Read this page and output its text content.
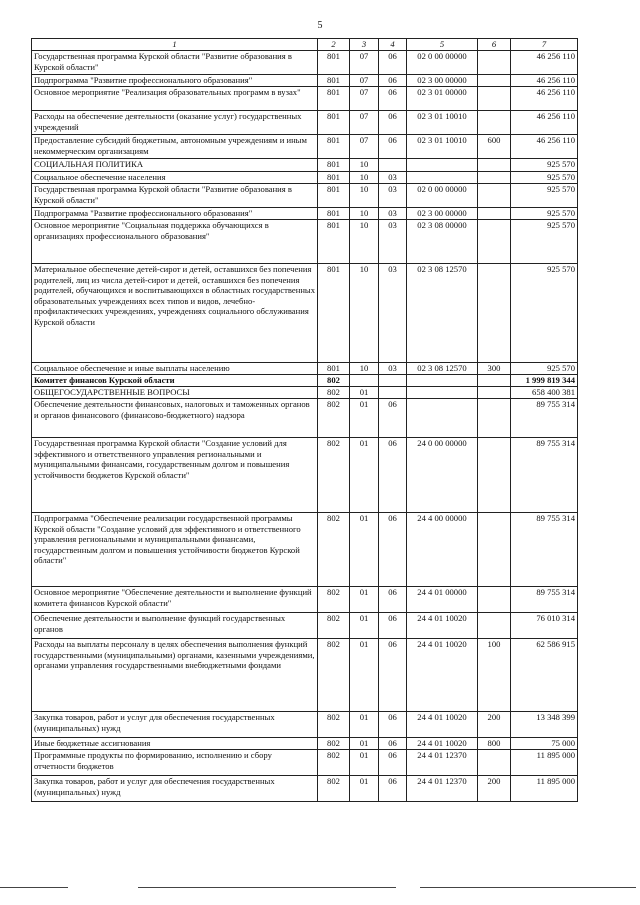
5
1	2	3	4	5	6	7
Государственная программа Курской области "Развитие образования в Курской области"	801	07	06	02 0 00 00000		46 256 110
Подпрограмма "Развитие профессионального образования"	801	07	06	02 3 00 00000		46 256 110
Основное мероприятие "Реализация образовательных программ в вузах"	801	07	06	02 3 01 00000		46 256 110
Расходы на обеспечение деятельности (оказание услуг) государственных учреждений	801	07	06	02 3 01 10010		46 256 110
Предоставление субсидий бюджетным, автономным учреждениям и иным некоммерческим организациям	801	07	06	02 3 01 10010	600	46 256 110
СОЦИАЛЬНАЯ ПОЛИТИКА	801	10				925 570
Социальное обеспечение населения	801	10	03			925 570
Государственная программа Курской области "Развитие образования в Курской области"	801	10	03	02 0 00 00000		925 570
Подпрограмма "Развитие профессионального образования"	801	10	03	02 3 00 00000		925 570
Основное мероприятие "Социальная поддержка обучающихся в организациях профессионального образования"	801	10	03	02 3 08 00000		925 570
Материальное обеспечение детей-сирот и детей, оставшихся без попечения родителей, лиц из числа детей-сирот и детей, оставшихся без попечения родителей, обучающихся и воспитывающихся в областных государственных образовательных учреждениях всех типов и видов, лечебно-профилактических учреждениях, учреждениях социального обслуживания Курской области	801	10	03	02 3 08 12570		925 570
Социальное обеспечение и иные выплаты населению	801	10	03	02 3 08 12570	300	925 570
Комитет финансов Курской области	802					1 999 819 344
ОБЩЕГОСУДАРСТВЕННЫЕ ВОПРОСЫ	802	01				658 400 381
Обеспечение деятельности финансовых, налоговых и таможенных органов и органов финансового (финансово-бюджетного) надзора	802	01	06			89 755 314
Государственная программа Курской области "Создание условий для эффективного и ответственного управления региональными и муниципальными финансами, государственным долгом и повышения устойчивости бюджетов Курской области"	802	01	06	24 0 00 00000		89 755 314
Подпрограмма "Обеспечение реализации государственной программы Курской области "Создание условий для эффективного и ответственного управления региональными и муниципальными финансами, государственным долгом и повышения устойчивости бюджетов Курской области"	802	01	06	24 4 00 00000		89 755 314
Основное мероприятие "Обеспечение деятельности и выполнение функций комитета финансов Курской области"	802	01	06	24 4 01 00000		89 755 314
Обеспечение деятельности и выполнение функций государственных органов	802	01	06	24 4 01 10020		76 010 314
Расходы на выплаты персоналу в целях обеспечения выполнения функций государственными (муниципальными) органами, казенными учреждениями, органами управления государственными внебюджетными фондами	802	01	06	24 4 01 10020	100	62 586 915
Закупка товаров, работ и услуг для обеспечения государственных (муниципальных) нужд	802	01	06	24 4 01 10020	200	13 348 399
Иные бюджетные ассигнования	802	01	06	24 4 01 10020	800	75 000
Программные продукты по формированию, исполнению и сбору отчетности бюджетов	802	01	06	24 4 01 12370		11 895 000
Закупка товаров, работ и услуг для обеспечения государственных (муниципальных) нужд	802	01	06	24 4 01 12370	200	11 895 000
